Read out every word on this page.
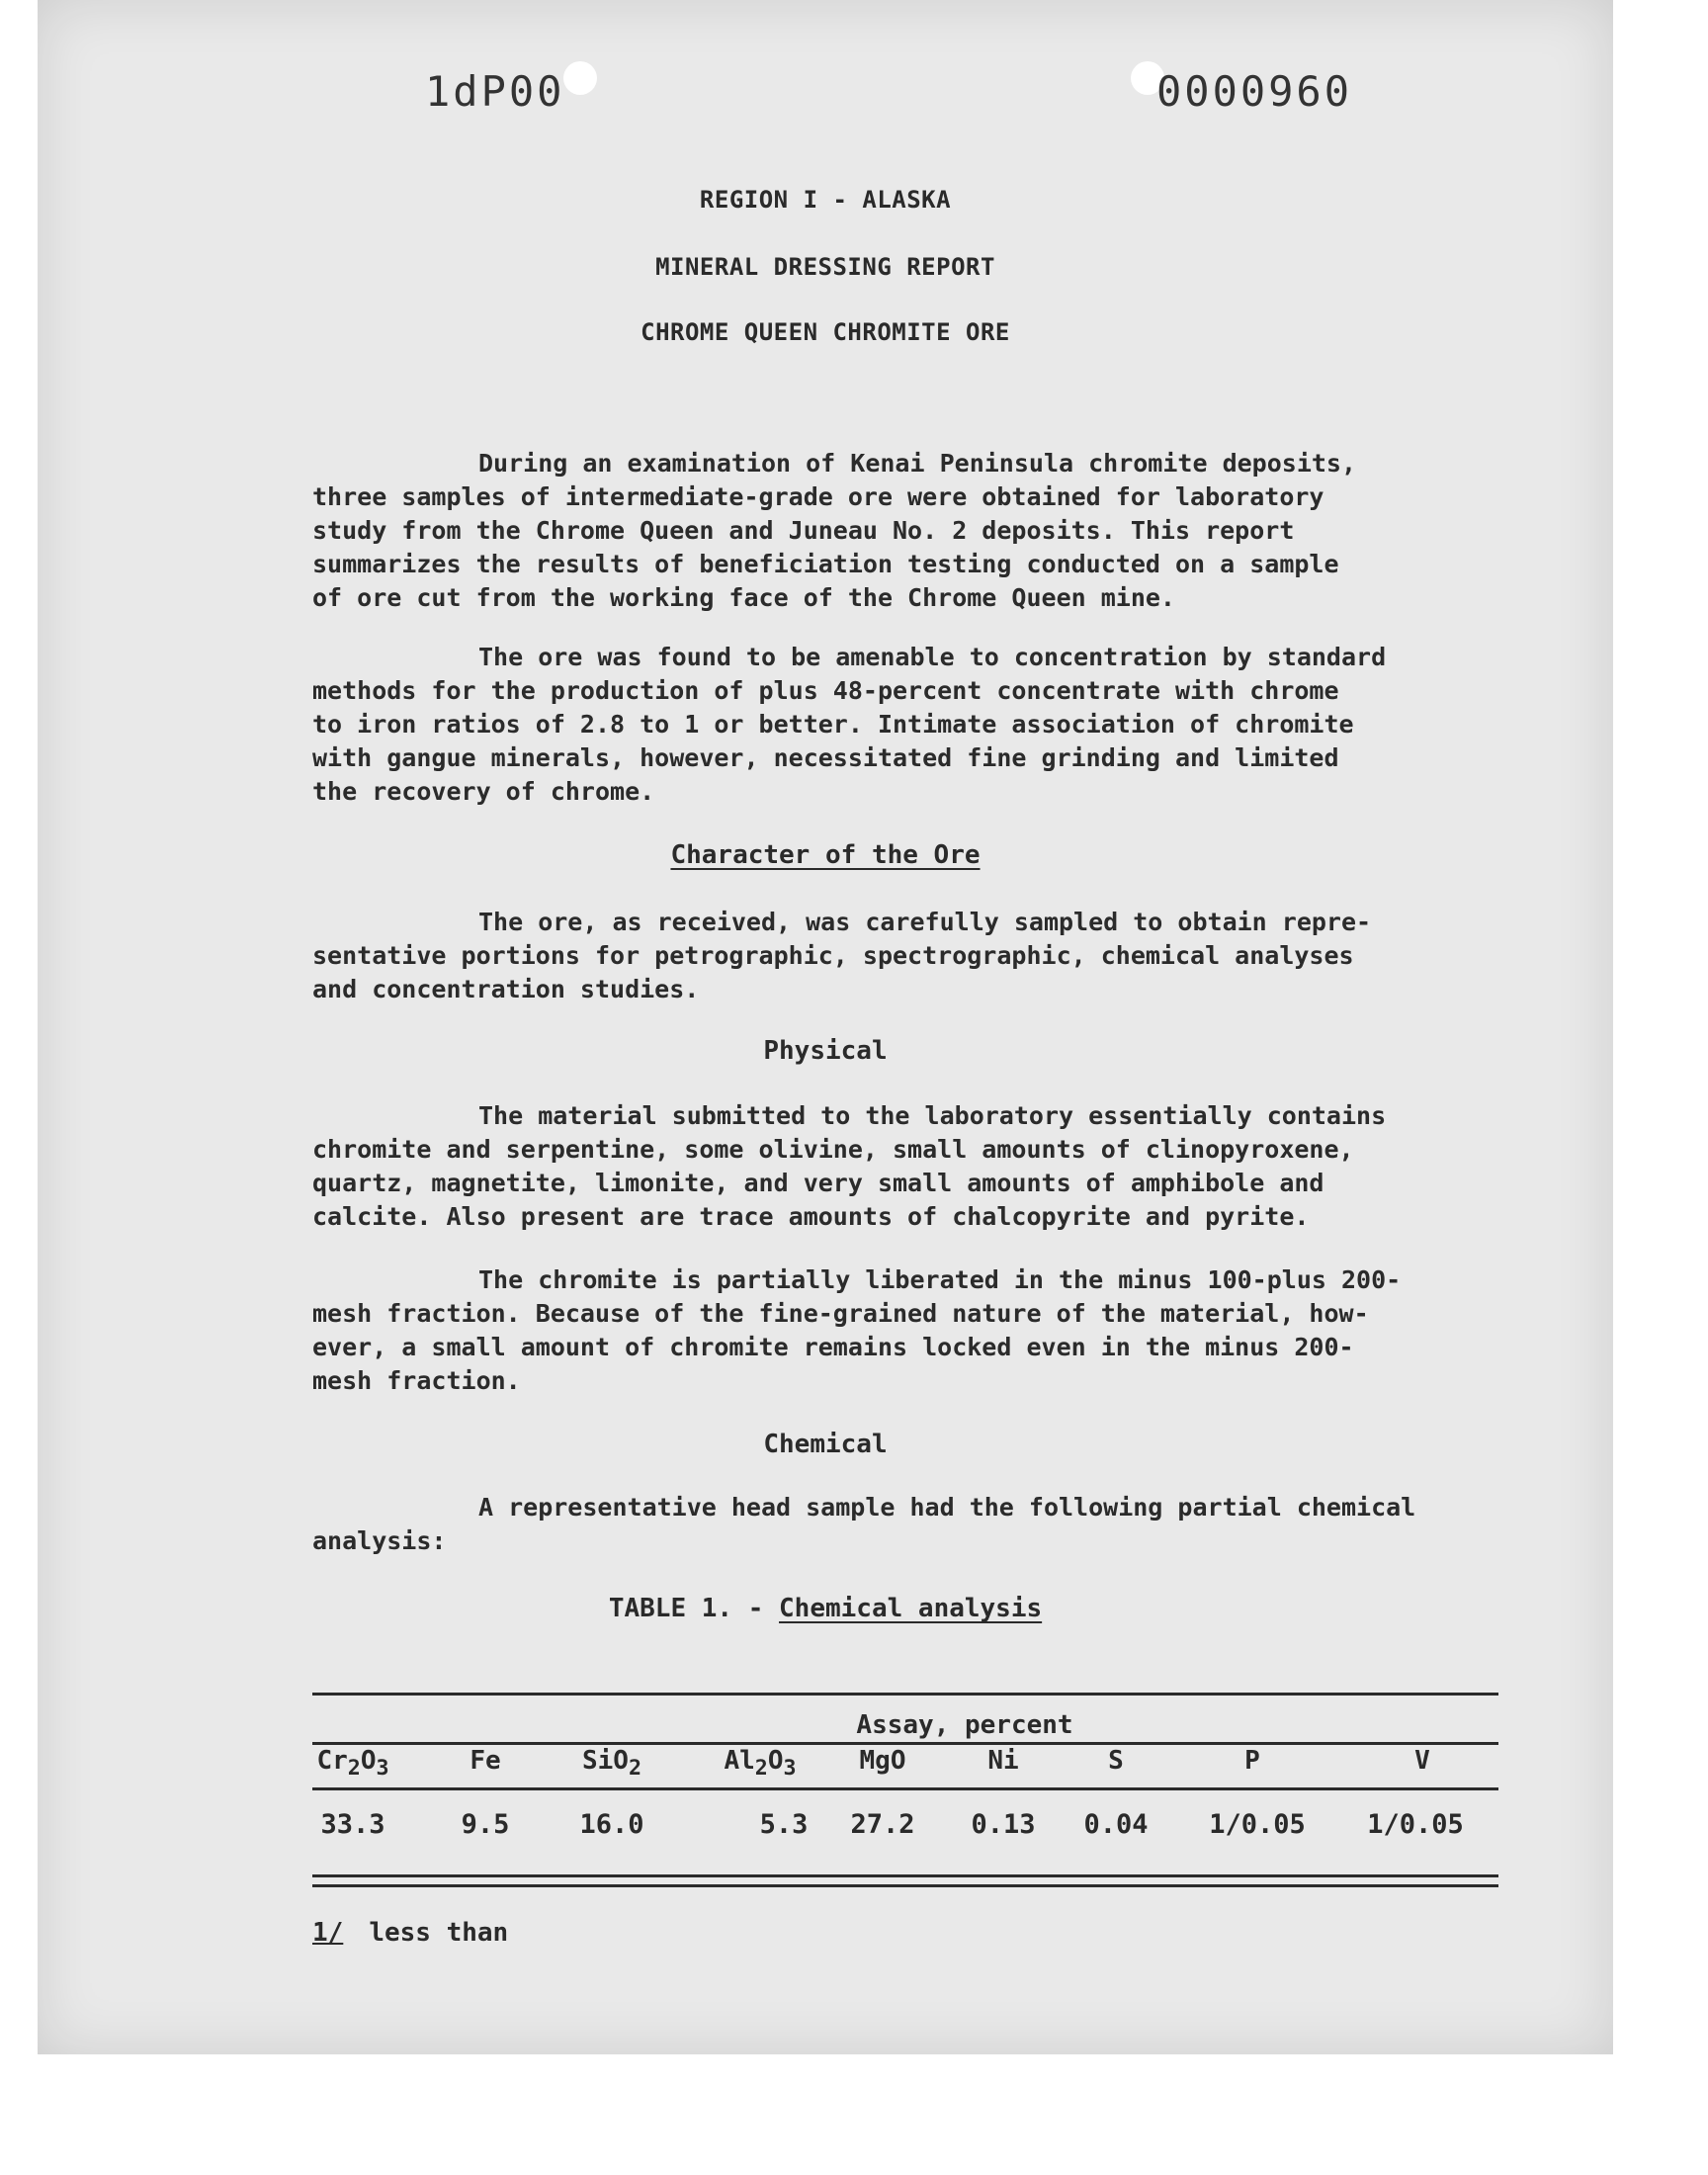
1dP00	0000960
REGION I - ALASKA
MINERAL DRESSING REPORT
CHROME QUEEN CHROMITE ORE

During an examination of Kenai Peninsula chromite deposits,
three samples of intermediate-grade ore were obtained for laboratory
study from the Chrome Queen and Juneau No. 2 deposits. This report
summarizes the results of beneficiation testing conducted on a sample
of ore cut from the working face of the Chrome Queen mine.

The ore was found to be amenable to concentration by standard
methods for the production of plus 48-percent concentrate with chrome
to iron ratios of 2.8 to 1 or better. Intimate association of chromite
with gangue minerals, however, necessitated fine grinding and limited
the recovery of chrome.

Character of the Ore

The ore, as received, was carefully sampled to obtain repre-
sentative portions for petrographic, spectrographic, chemical analyses
and concentration studies.

Physical

The material submitted to the laboratory essentially contains
chromite and serpentine, some olivine, small amounts of clinopyroxene,
quartz, magnetite, limonite, and very small amounts of amphibole and
calcite. Also present are trace amounts of chalcopyrite and pyrite.

The chromite is partially liberated in the minus 100-plus 200-
mesh fraction. Because of the fine-grained nature of the material, how-
ever, a small amount of chromite remains locked even in the minus 200-
mesh fraction.

Chemical

A representative head sample had the following partial chemical
analysis:

TABLE 1. - Chemical analysis
Assay, percent
$Cr_2O_3$	Fe	SiO$_2$	$Al_2O_3$	MgO	Ni	S	P	V
33.3	9.5	16.0	5.3	27.2	0.13	0.04	1/0.05	1/0.05
1/ less than
